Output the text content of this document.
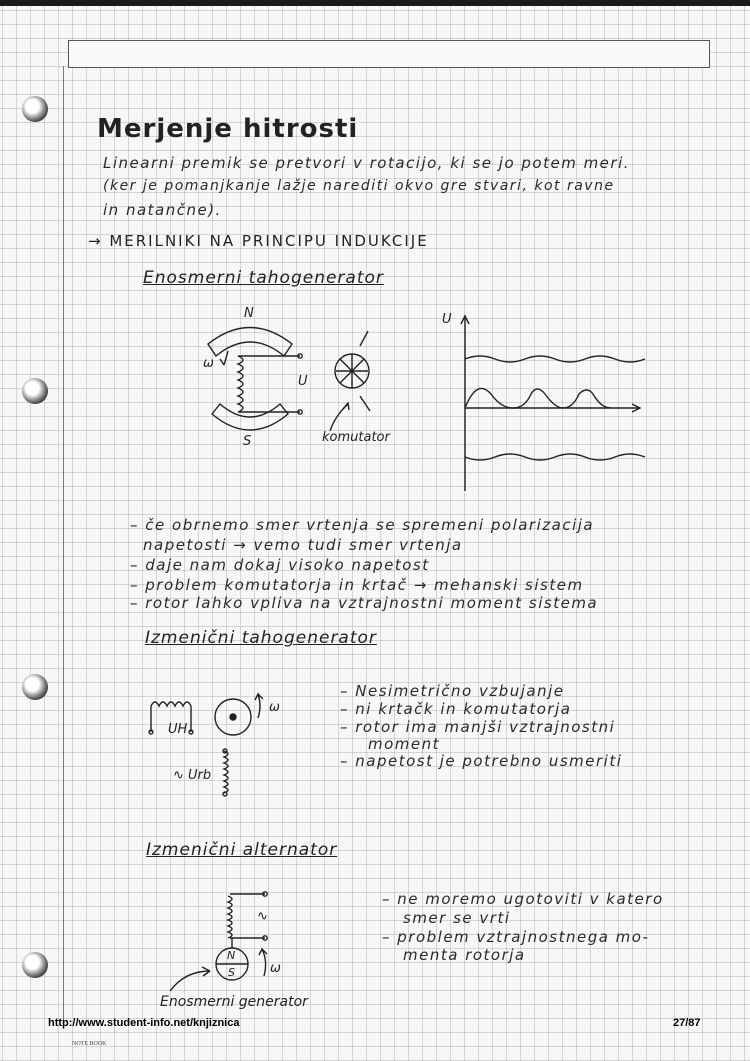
Merjenje hitrosti
Linearni premik se pretvori v rotacijo, ki se jo potem meri.
(ker je pomanjkanje lažje narediti okvo gre stvari, kot ravne
in natančne).
→ MERILNIKI NA PRINCIPU INDUKCIJE
Enosmerni tahogenerator
N
S
ω
U
komutator
U
– če obrnemo smer vrtenja se spremeni polarizacija
napetosti → vemo tudi smer vrtenja
– daje nam dokaj visoko napetost
– problem komutatorja in krtač → mehanski sistem
– rotor lahko vpliva na vztrajnostni moment sistema
Izmenični tahogenerator
UH
∿ Urb
ω
– Nesimetrično vzbujanje
– ni krtačk in komutatorja
– rotor ima manjši vztrajnostni
moment
– napetost je potrebno usmeriti
Izmenični alternator
∿
N
S	ω
Enosmerni generator
– ne moremo ugotoviti v katero
smer se vrti
– problem vztrajnostnega mo-
menta rotorja
http://www.student-info.net/knjiznica	27/87
NOTE BOOK
